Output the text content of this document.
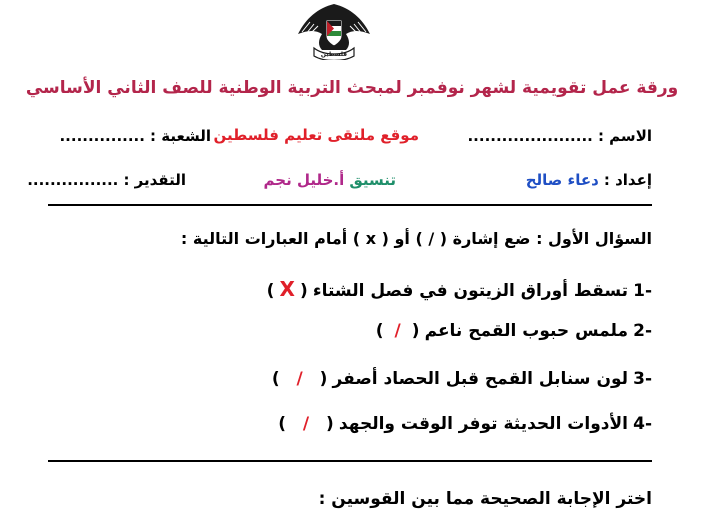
فلسطين
ورقة عمل تقويمية لشهر نوفمبر لمبحث التربية الوطنية للصف الثاني الأساسي
الاسم : ......................
موقع ملتقى تعليم فلسطين
الشعبة : ...............
إعداد : دعاء صالح
تنسيق أ.خليل نجم
التقدير : ................
السؤال الأول : ضع إشارة ( / ) أو ( x ) أمام العبارات التالية :
-1 تسقط أوراق الزيتون في فصل الشتاء ( X )
-2 ملمس حبوب القمح ناعم (  /  )
-3 لون سنابل القمح قبل الحصاد أصفر (   /   )
-4 الأدوات الحديثة توفر الوقت والجهد (   /   )
اختر الإجابة الصحيحة مما بين القوسين :
